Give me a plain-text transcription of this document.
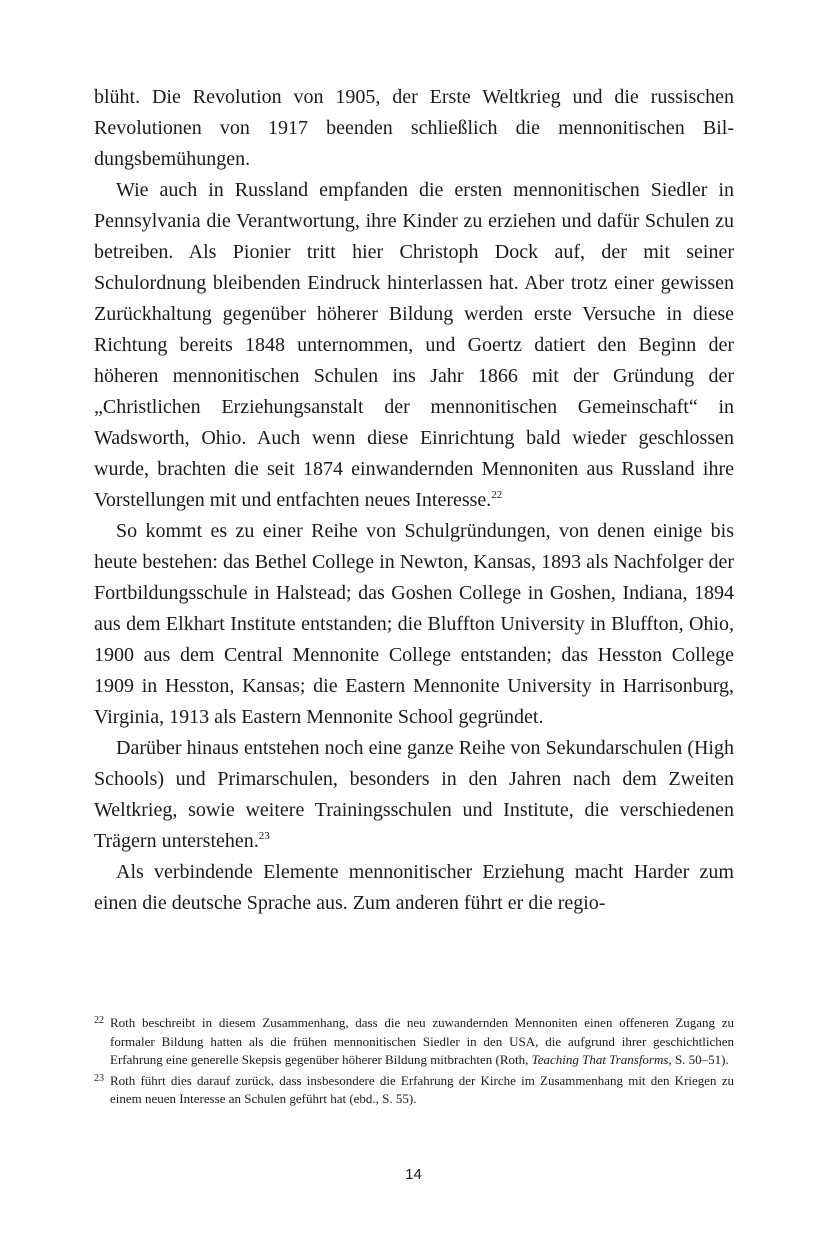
blüht. Die Revolution von 1905, der Erste Weltkrieg und die russischen Revolutionen von 1917 beenden schließlich die mennonitischen Bildungsbemühungen.

Wie auch in Russland empfanden die ersten mennonitischen Siedler in Pennsylvania die Verantwortung, ihre Kinder zu erziehen und dafür Schulen zu betreiben. Als Pionier tritt hier Christoph Dock auf, der mit seiner Schulordnung bleibenden Eindruck hinterlassen hat. Aber trotz einer gewissen Zurückhaltung gegenüber höherer Bildung werden erste Versuche in diese Richtung bereits 1848 unternommen, und Goertz datiert den Beginn der höheren mennonitischen Schulen ins Jahr 1866 mit der Gründung der „Christlichen Erziehungsanstalt der mennonitischen Gemeinschaft“ in Wadsworth, Ohio. Auch wenn diese Einrichtung bald wieder geschlossen wurde, brachten die seit 1874 einwandernden Mennoniten aus Russland ihre Vorstellungen mit und entfachten neues Interesse.$^{22}$

So kommt es zu einer Reihe von Schulgründungen, von denen einige bis heute bestehen: das Bethel College in Newton, Kansas, 1893 als Nachfolger der Fortbildungsschule in Halstead; das Goshen College in Goshen, Indiana, 1894 aus dem Elkhart Institute entstanden; die Bluffton University in Bluffton, Ohio, 1900 aus dem Central Mennonite College entstanden; das Hesston College 1909 in Hesston, Kansas; die Eastern Mennonite University in Harrisonburg, Virginia, 1913 als Eastern Mennonite School gegründet.

Darüber hinaus entstehen noch eine ganze Reihe von Sekundarschulen (High Schools) und Primarschulen, besonders in den Jahren nach dem Zweiten Weltkrieg, sowie weitere Trainingsschulen und Institute, die verschiedenen Trägern unterstehen.$^{23}$

Als verbindende Elemente mennonitischer Erziehung macht Harder zum einen die deutsche Sprache aus. Zum anderen führt er die regio-

22 Roth beschreibt in diesem Zusammenhang, dass die neu zuwandernden Mennoniten einen offeneren Zugang zu formaler Bildung hatten als die frühen mennonitischen Siedler in den USA, die aufgrund ihrer geschichtlichen Erfahrung eine generelle Skepsis gegenüber höherer Bildung mitbrachten (Roth, Teaching That Transforms, S. 50–51).

23 Roth führt dies darauf zurück, dass insbesondere die Erfahrung der Kirche im Zusammenhang mit den Kriegen zu einem neuen Interesse an Schulen geführt hat (ebd., S. 55).

14
